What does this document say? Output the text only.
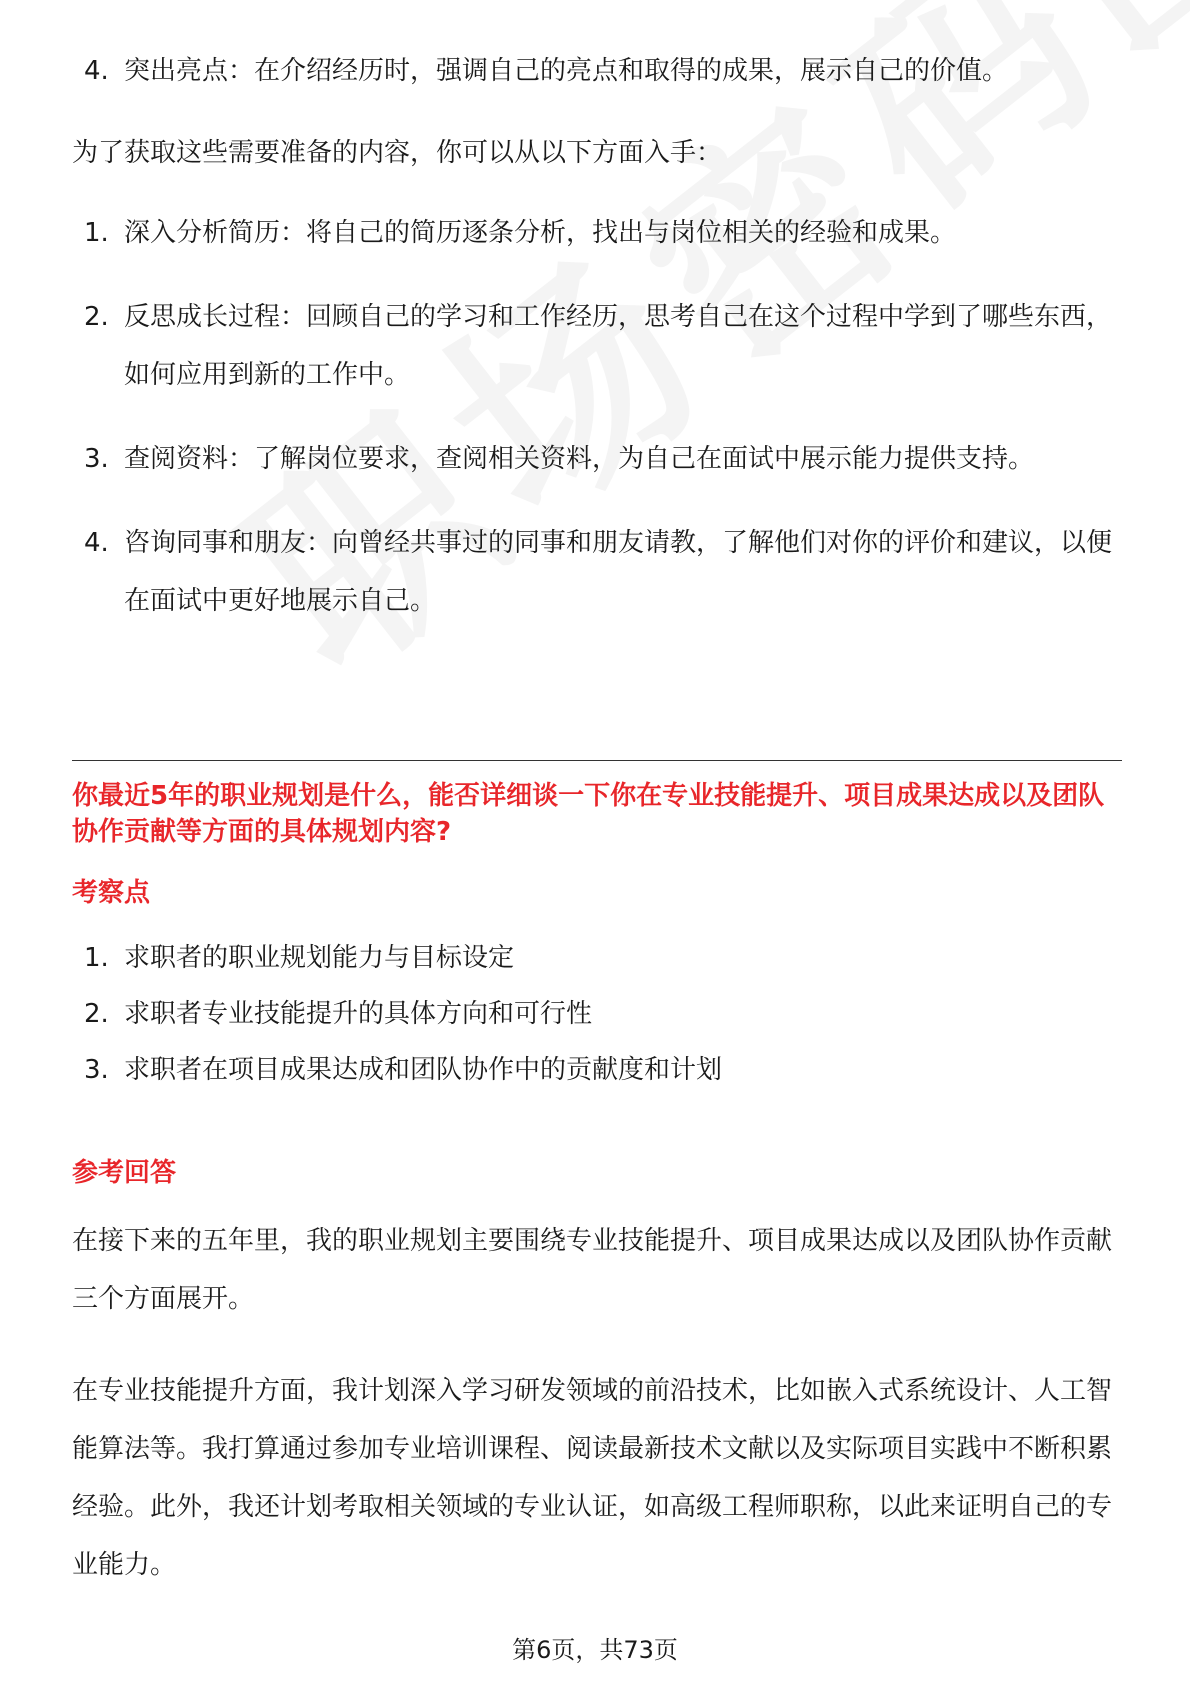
4. 突出亮点：在介绍经历时，强调自己的亮点和取得的成果，展示自己的价值。

为了获取这些需要准备的内容，你可以从以下方面入手：

1. 深入分析简历：将自己的简历逐条分析，找出与岗位相关的经验和成果。
2. 反思成长过程：回顾自己的学习和工作经历，思考自己在这个过程中学到了哪些东西，如何应用到新的工作中。
3. 查阅资料：了解岗位要求，查阅相关资料，为自己在面试中展示能力提供支持。
4. 咨询同事和朋友：向曾经共事过的同事和朋友请教，了解他们对你的评价和建议，以便在面试中更好地展示自己。
你最近5年的职业规划是什么，能否详细谈一下你在专业技能提升、项目成果达成以及团队协作贡献等方面的具体规划内容?
考察点
1. 求职者的职业规划能力与目标设定
2. 求职者专业技能提升的具体方向和可行性
3. 求职者在项目成果达成和团队协作中的贡献度和计划
参考回答

在接下来的五年里，我的职业规划主要围绕专业技能提升、项目成果达成以及团队协作贡献三个方面展开。

在专业技能提升方面，我计划深入学习研发领域的前沿技术，比如嵌入式系统设计、人工智能算法等。我打算通过参加专业培训课程、阅读最新技术文献以及实际项目实践中不断积累经验。此外，我还计划考取相关领域的专业认证，如高级工程师职称，以此来证明自己的专业能力。

第6页，共73页
